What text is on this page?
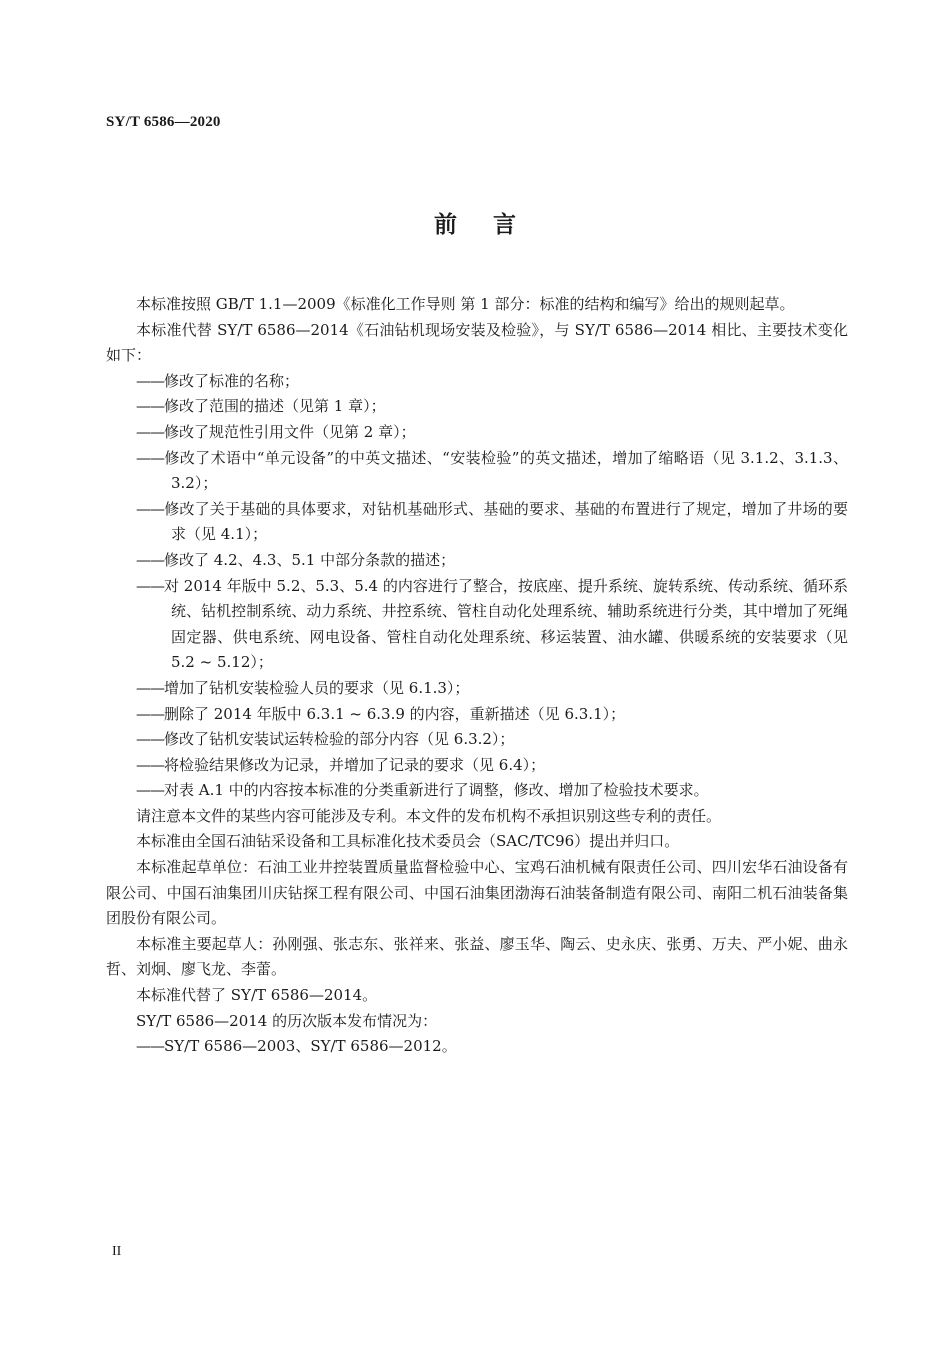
SY/T 6586—2020
前言

本标准按照 GB/T 1.1—2009《标准化工作导则 第 1 部分：标准的结构和编写》给出的规则起草。

本标准代替 SY/T 6586—2014《石油钻机现场安装及检验》，与 SY/T 6586—2014 相比、主要技术变化如下：

——修改了标准的名称；

——修改了范围的描述（见第 1 章）；

——修改了规范性引用文件（见第 2 章）；

——修改了术语中“单元设备”的中英文描述、“安装检验”的英文描述，增加了缩略语（见 3.1.2、3.1.3、3.2）；

——修改了关于基础的具体要求，对钻机基础形式、基础的要求、基础的布置进行了规定，增加了井场的要求（见 4.1）；

——修改了 4.2、4.3、5.1 中部分条款的描述；

——对 2014 年版中 5.2、5.3、5.4 的内容进行了整合，按底座、提升系统、旋转系统、传动系统、循环系统、钻机控制系统、动力系统、井控系统、管柱自动化处理系统、辅助系统进行分类，其中增加了死绳固定器、供电系统、网电设备、管柱自动化处理系统、移运装置、油水罐、供暖系统的安装要求（见 5.2 ~ 5.12）；

——增加了钻机安装检验人员的要求（见 6.1.3）；

——删除了 2014 年版中 6.3.1 ~ 6.3.9 的内容，重新描述（见 6.3.1）；

——修改了钻机安装试运转检验的部分内容（见 6.3.2）；

——将检验结果修改为记录，并增加了记录的要求（见 6.4）；

——对表 A.1 中的内容按本标准的分类重新进行了调整，修改、增加了检验技术要求。

请注意本文件的某些内容可能涉及专利。本文件的发布机构不承担识别这些专利的责任。

本标准由全国石油钻采设备和工具标准化技术委员会（SAC/TC96）提出并归口。

本标准起草单位：石油工业井控装置质量监督检验中心、宝鸡石油机械有限责任公司、四川宏华石油设备有限公司、中国石油集团川庆钻探工程有限公司、中国石油集团渤海石油装备制造有限公司、南阳二机石油装备集团股份有限公司。

本标准主要起草人：孙刚强、张志东、张祥来、张益、廖玉华、陶云、史永庆、张勇、万夫、严小妮、曲永哲、刘炯、廖飞龙、李蕾。

本标准代替了 SY/T 6586—2014。

SY/T 6586—2014 的历次版本发布情况为：

——SY/T 6586—2003、SY/T 6586—2012。

II
